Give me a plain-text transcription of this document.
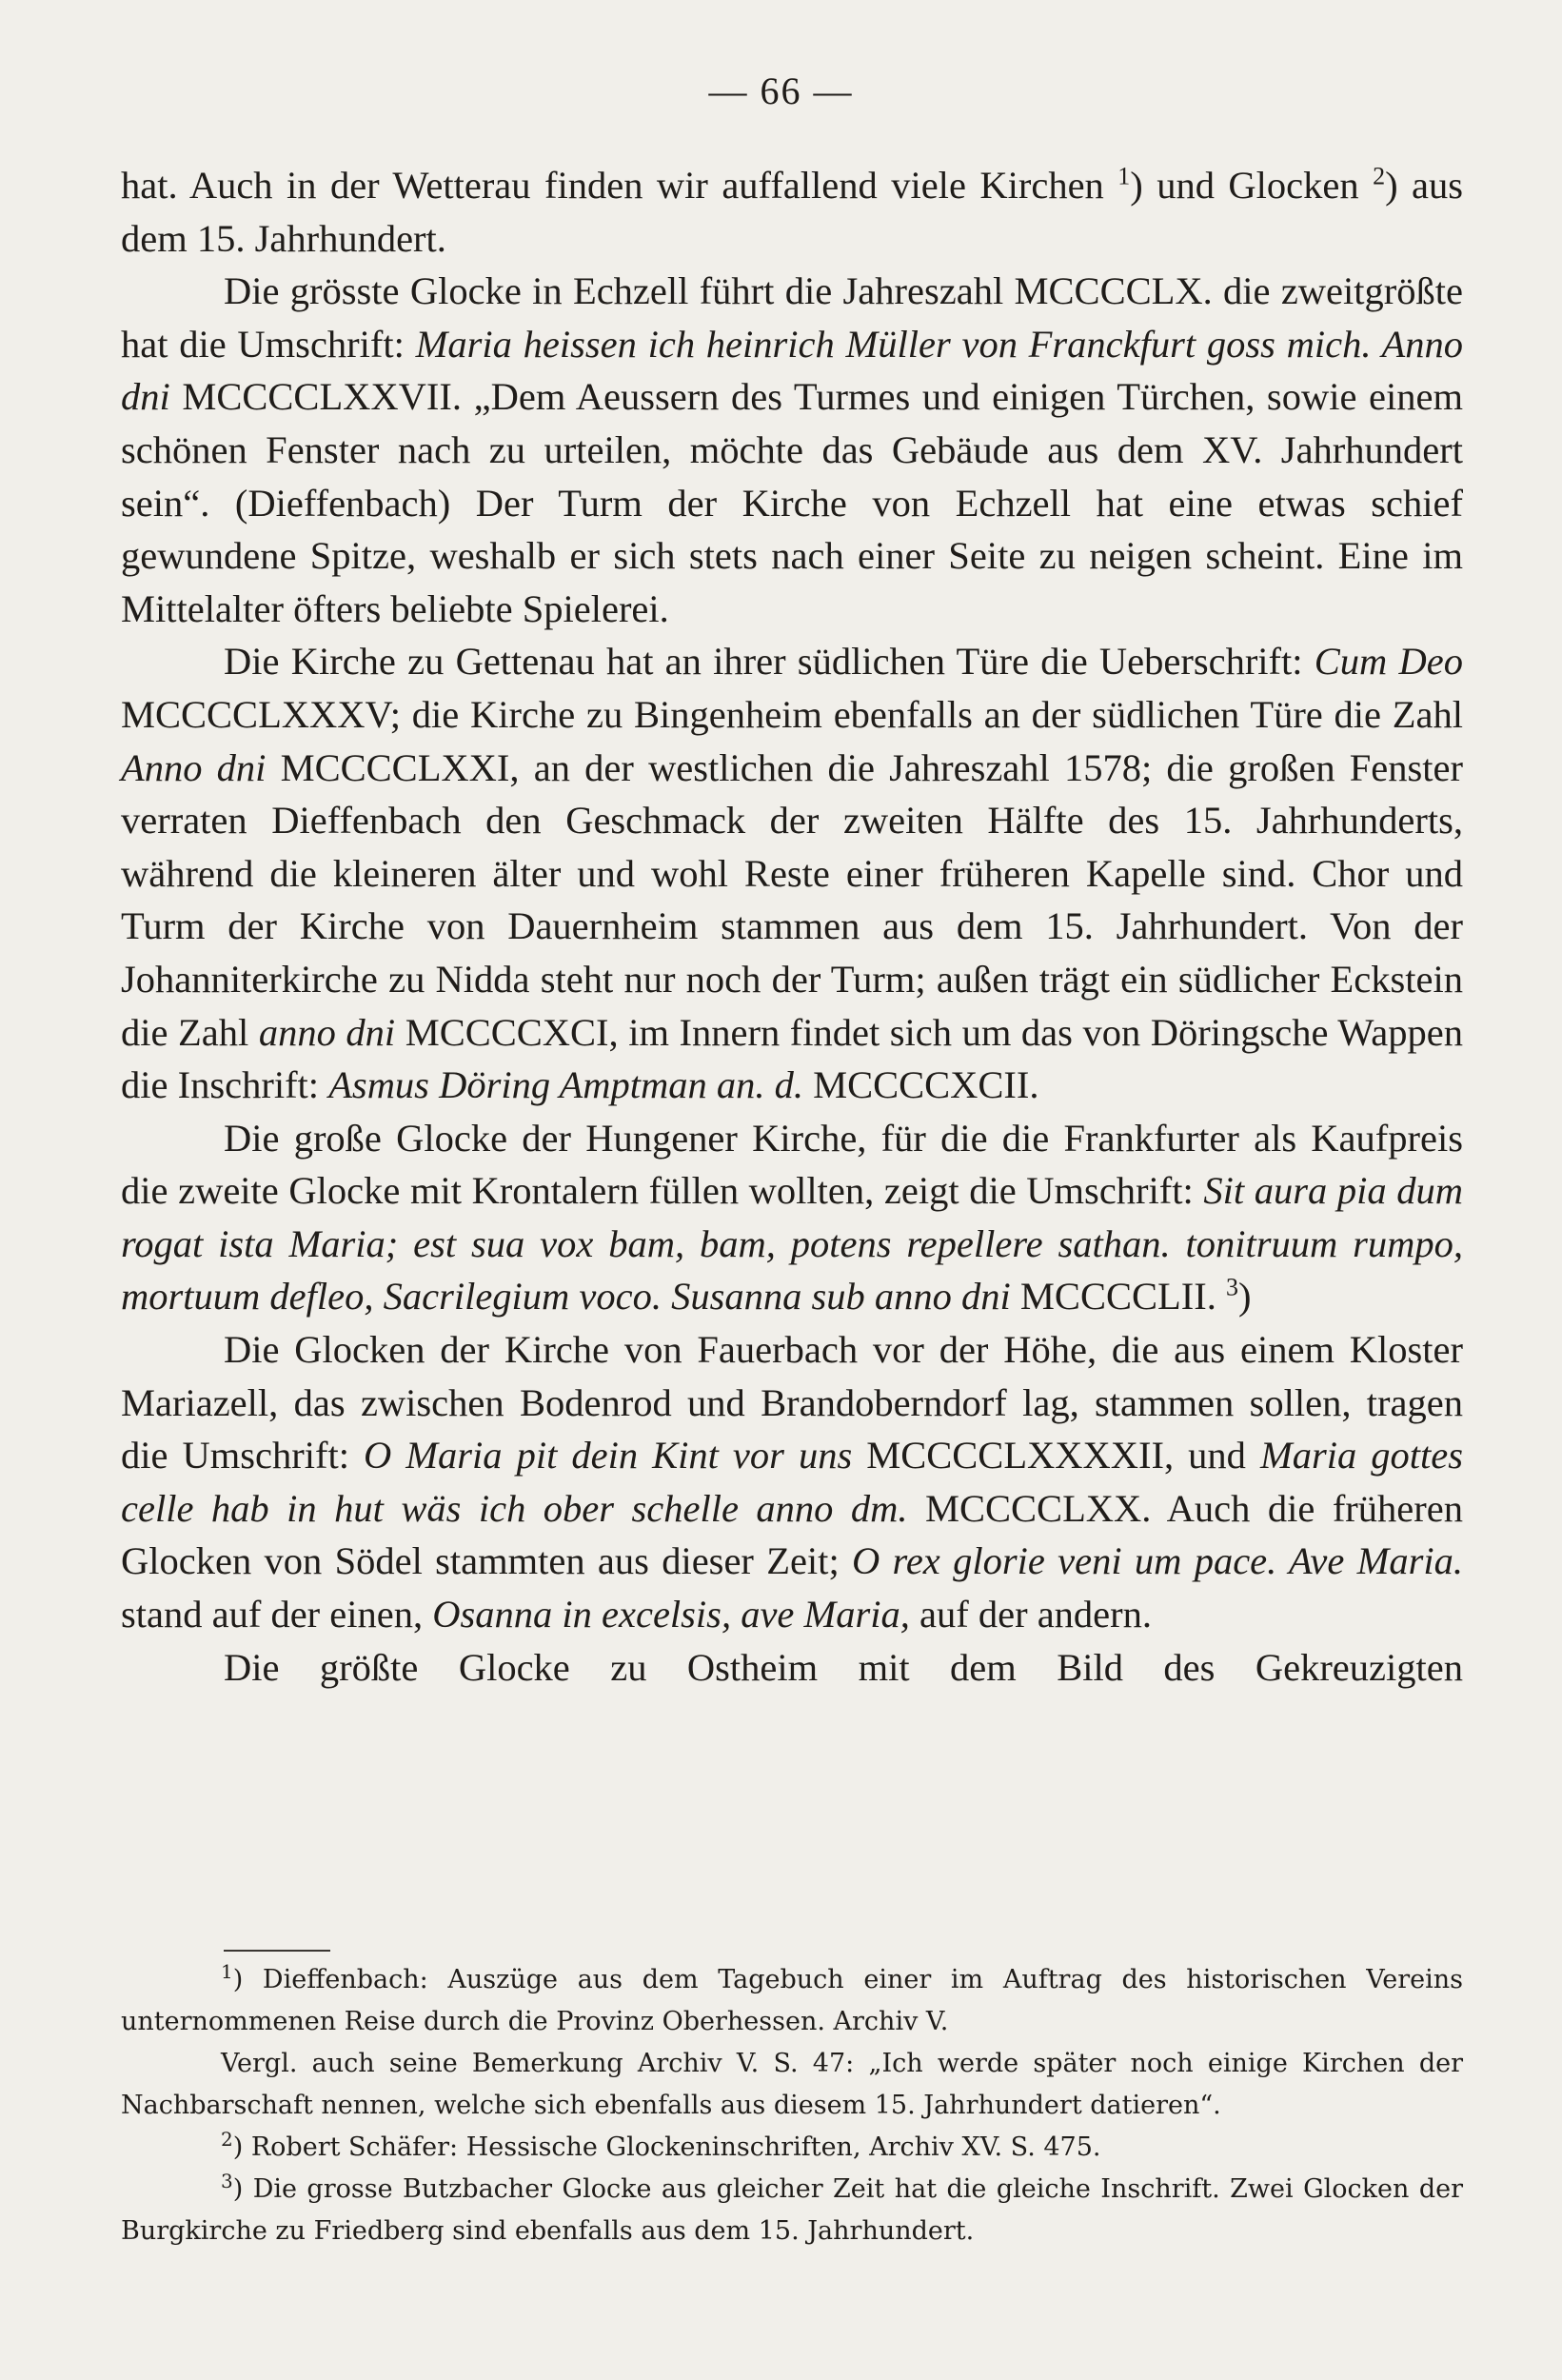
— 66 —

hat. Auch in der Wetterau finden wir auffallend viele Kirchen $^1$) und Glocken $^2$) aus dem 15. Jahrhundert.

Die grösste Glocke in Echzell führt die Jahreszahl MCCCCLX. die zweitgrößte hat die Umschrift: Maria heissen ich heinrich Müller von Franckfurt goss mich. Anno dni MCCCCLXXVII. „Dem Aeussern des Turmes und einigen Türchen, sowie einem schönen Fenster nach zu urteilen, möchte das Gebäude aus dem XV. Jahrhundert sein“. (Dieffenbach) Der Turm der Kirche von Echzell hat eine etwas schief gewundene Spitze, weshalb er sich stets nach einer Seite zu neigen scheint. Eine im Mittelalter öfters beliebte Spielerei.

Die Kirche zu Gettenau hat an ihrer südlichen Türe die Ueberschrift: Cum Deo MCCCCLXXXV; die Kirche zu Bingenheim ebenfalls an der südlichen Türe die Zahl Anno dni MCCCCLXXI, an der westlichen die Jahreszahl 1578; die großen Fenster verraten Dieffenbach den Geschmack der zweiten Hälfte des 15. Jahrhunderts, während die kleineren älter und wohl Reste einer früheren Kapelle sind. Chor und Turm der Kirche von Dauernheim stammen aus dem 15. Jahrhundert. Von der Johanniterkirche zu Nidda steht nur noch der Turm; außen trägt ein südlicher Eckstein die Zahl anno dni MCCCCXCI, im Innern findet sich um das von Döringsche Wappen die Inschrift: Asmus Döring Amptman an. d. MCCCCXCII.

Die große Glocke der Hungener Kirche, für die die Frankfurter als Kaufpreis die zweite Glocke mit Krontalern füllen wollten, zeigt die Umschrift: Sit aura pia dum rogat ista Maria; est sua vox bam, bam, potens repellere sathan. tonitruum rumpo, mortuum defleo, Sacrilegium voco. Susanna sub anno dni MCCCCLII. $^3$)

Die Glocken der Kirche von Fauerbach vor der Höhe, die aus einem Kloster Mariazell, das zwischen Bodenrod und Brandoberndorf lag, stammen sollen, tragen die Umschrift: O Maria pit dein Kint vor uns MCCCCLXXXXII, und Maria gottes celle hab in hut wäs ich ober schelle anno dm. MCCCCLXX. Auch die früheren Glocken von Södel stammten aus dieser Zeit; O rex glorie veni um pace. Ave Maria. stand auf der einen, Osanna in excelsis, ave Maria, auf der andern.

Die größte Glocke zu Ostheim mit dem Bild des Gekreuzigten

$^1$) Dieffenbach: Auszüge aus dem Tagebuch einer im Auftrag des historischen Vereins unternommenen Reise durch die Provinz Oberhessen. Archiv V.

Vergl. auch seine Bemerkung Archiv V. S. 47: „Ich werde später noch einige Kirchen der Nachbarschaft nennen, welche sich ebenfalls aus diesem 15. Jahrhundert datieren“.

$^2$) Robert Schäfer: Hessische Glockeninschriften, Archiv XV. S. 475.

$^3$) Die grosse Butzbacher Glocke aus gleicher Zeit hat die gleiche Inschrift. Zwei Glocken der Burgkirche zu Friedberg sind ebenfalls aus dem 15. Jahrhundert.
